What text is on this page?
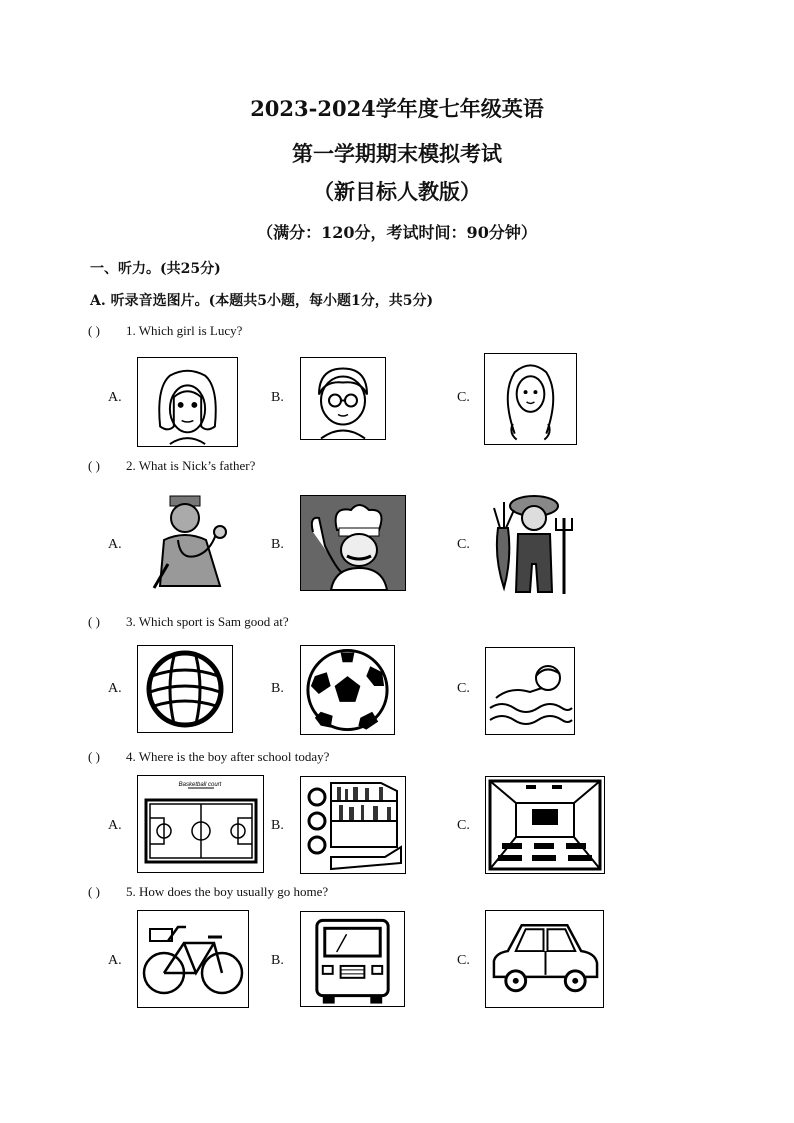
2023-2024学年度七年级英语
第一学期期末模拟考试
（新目标人教版）
（满分：120分，考试时间：90分钟）
一、听力。(共25分)
A. 听录音选图片。(本题共5小题，每小题1分，共5分)
( ) 1. Which girl is Lucy?
A.	B.	C.
( ) 2. What is Nick’s father?
A.	B.	C.
( ) 3. Which sport is Sam good at?
A.	B.	C.
( ) 4. Where is the boy after school today?
A.
Basketball court
B.	C.
( ) 5. How does the boy usually go home?
A.	B.	C.
